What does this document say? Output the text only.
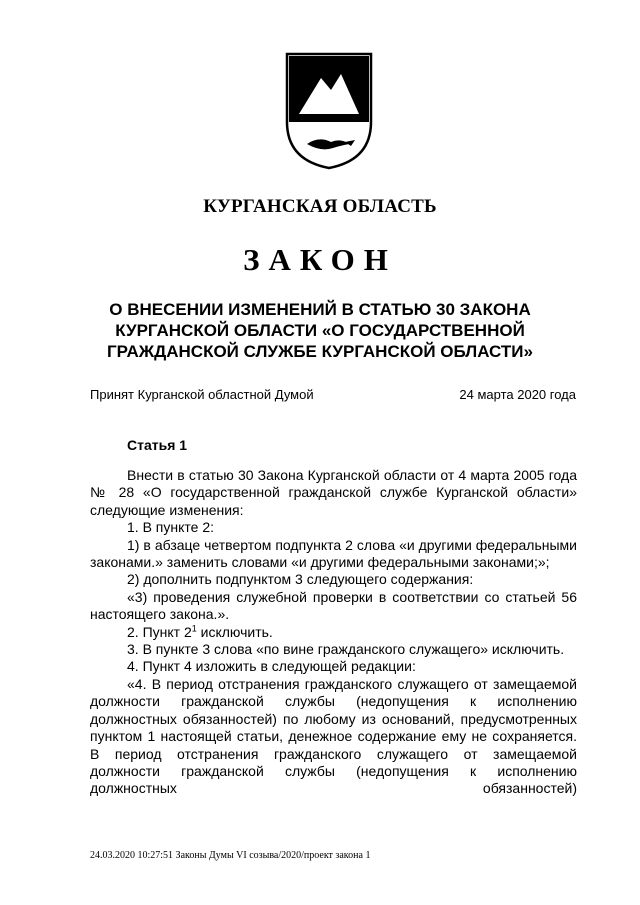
КУРГАНСКАЯ ОБЛАСТЬ
ЗАКОН
О ВНЕСЕНИИ ИЗМЕНЕНИЙ В СТАТЬЮ 30 ЗАКОНА
КУРГАНСКОЙ ОБЛАСТИ «О ГОСУДАРСТВЕННОЙ
ГРАЖДАНСКОЙ СЛУЖБЕ КУРГАНСКОЙ ОБЛАСТИ»
Принят Курганской областной Думой	24 марта 2020 года
Статья 1

Внести в статью 30 Закона Курганской области от 4 марта 2005 года № 28 «О государственной гражданской службе Курганской области» следующие изменения:

1. В пункте 2:

1) в абзаце четвертом подпункта 2 слова «и другими федеральными законами.» заменить словами «и другими федеральными законами;»;

2) дополнить подпунктом 3 следующего содержания:

«3) проведения служебной проверки в соответствии со статьей 56 настоящего закона.».

2. Пункт $2^1$ исключить.

3. В пункте 3 слова «по вине гражданского служащего» исключить.

4. Пункт 4 изложить в следующей редакции:

«4. В период отстранения гражданского служащего от замещаемой должности гражданской службы (недопущения к исполнению должностных обязанностей) по любому из оснований, предусмотренных пунктом 1 настоящей статьи, денежное содержание ему не сохраняется. В период отстранения гражданского служащего от замещаемой должности гражданской службы (недопущения к исполнению должностных обязанностей)

24.03.2020 10:27:51 Законы Думы VI созыва/2020/проект закона 1
